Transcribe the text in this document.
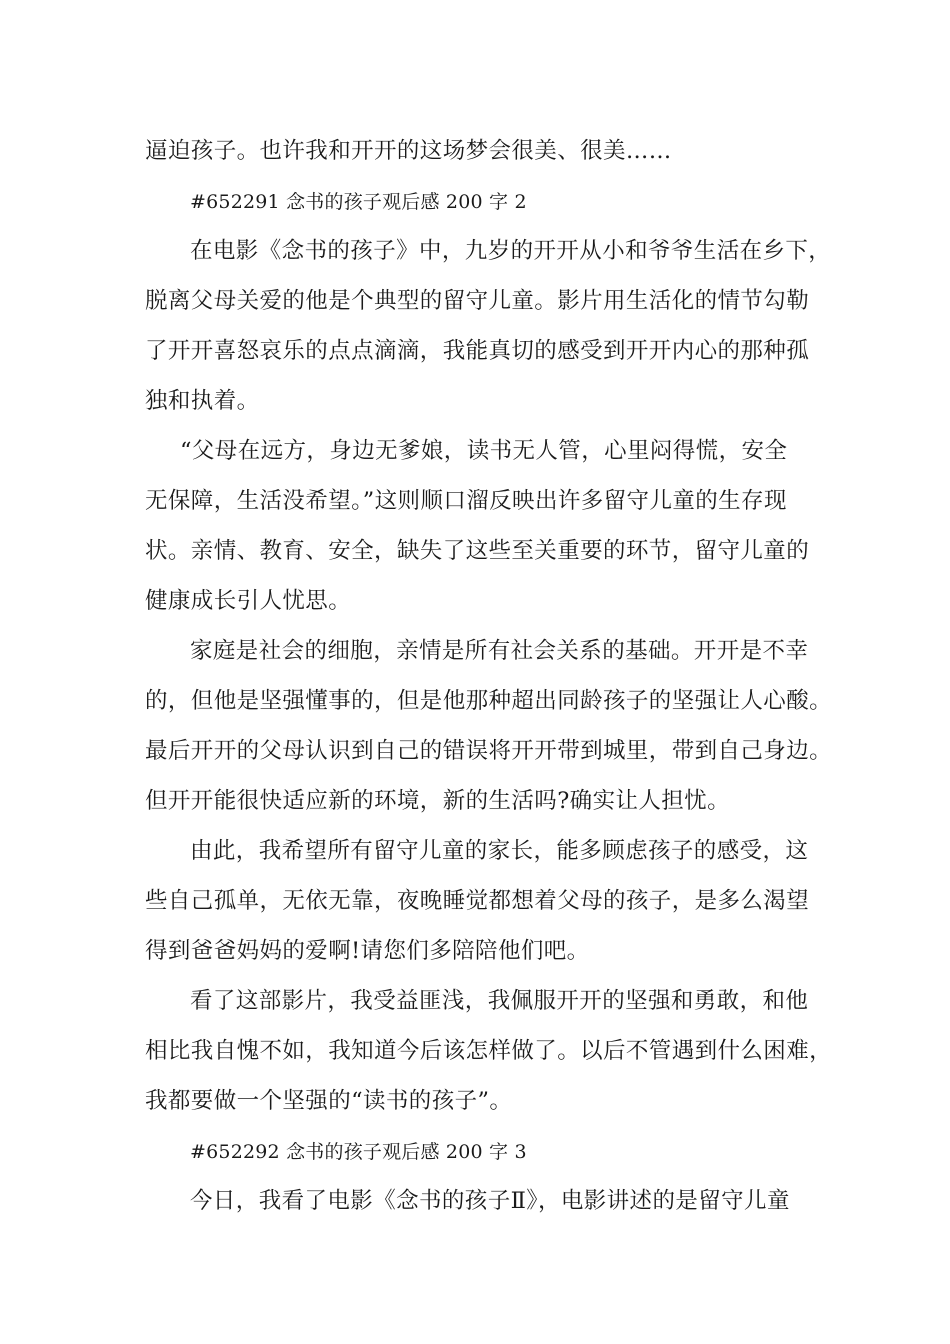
逼迫孩子。也许我和开开的这场梦会很美、很美……
#652291 念书的孩子观后感 200 字 2
在电影《念书的孩子》中，九岁的开开从小和爷爷生活在乡下，
脱离父母关爱的他是个典型的留守儿童。影片用生活化的情节勾勒
了开开喜怒哀乐的点点滴滴，我能真切的感受到开开内心的那种孤
独和执着。
“父母在远方，身边无爹娘，读书无人管，心里闷得慌，安全
无保障，生活没希望。”这则顺口溜反映出许多留守儿童的生存现
状。亲情、教育、安全，缺失了这些至关重要的环节，留守儿童的
健康成长引人忧思。
家庭是社会的细胞，亲情是所有社会关系的基础。开开是不幸
的，但他是坚强懂事的，但是他那种超出同龄孩子的坚强让人心酸。
最后开开的父母认识到自己的错误将开开带到城里，带到自己身边。
但开开能很快适应新的环境，新的生活吗?确实让人担忧。
由此，我希望所有留守儿童的家长，能多顾虑孩子的感受，这
些自己孤单，无依无靠，夜晚睡觉都想着父母的孩子，是多么渴望
得到爸爸妈妈的爱啊!请您们多陪陪他们吧。
看了这部影片，我受益匪浅，我佩服开开的坚强和勇敢，和他
相比我自愧不如，我知道今后该怎样做了。以后不管遇到什么困难，
我都要做一个坚强的“读书的孩子”。
#652292 念书的孩子观后感 200 字 3
今日，我看了电影《念书的孩子Ⅱ》，电影讲述的是留守儿童
